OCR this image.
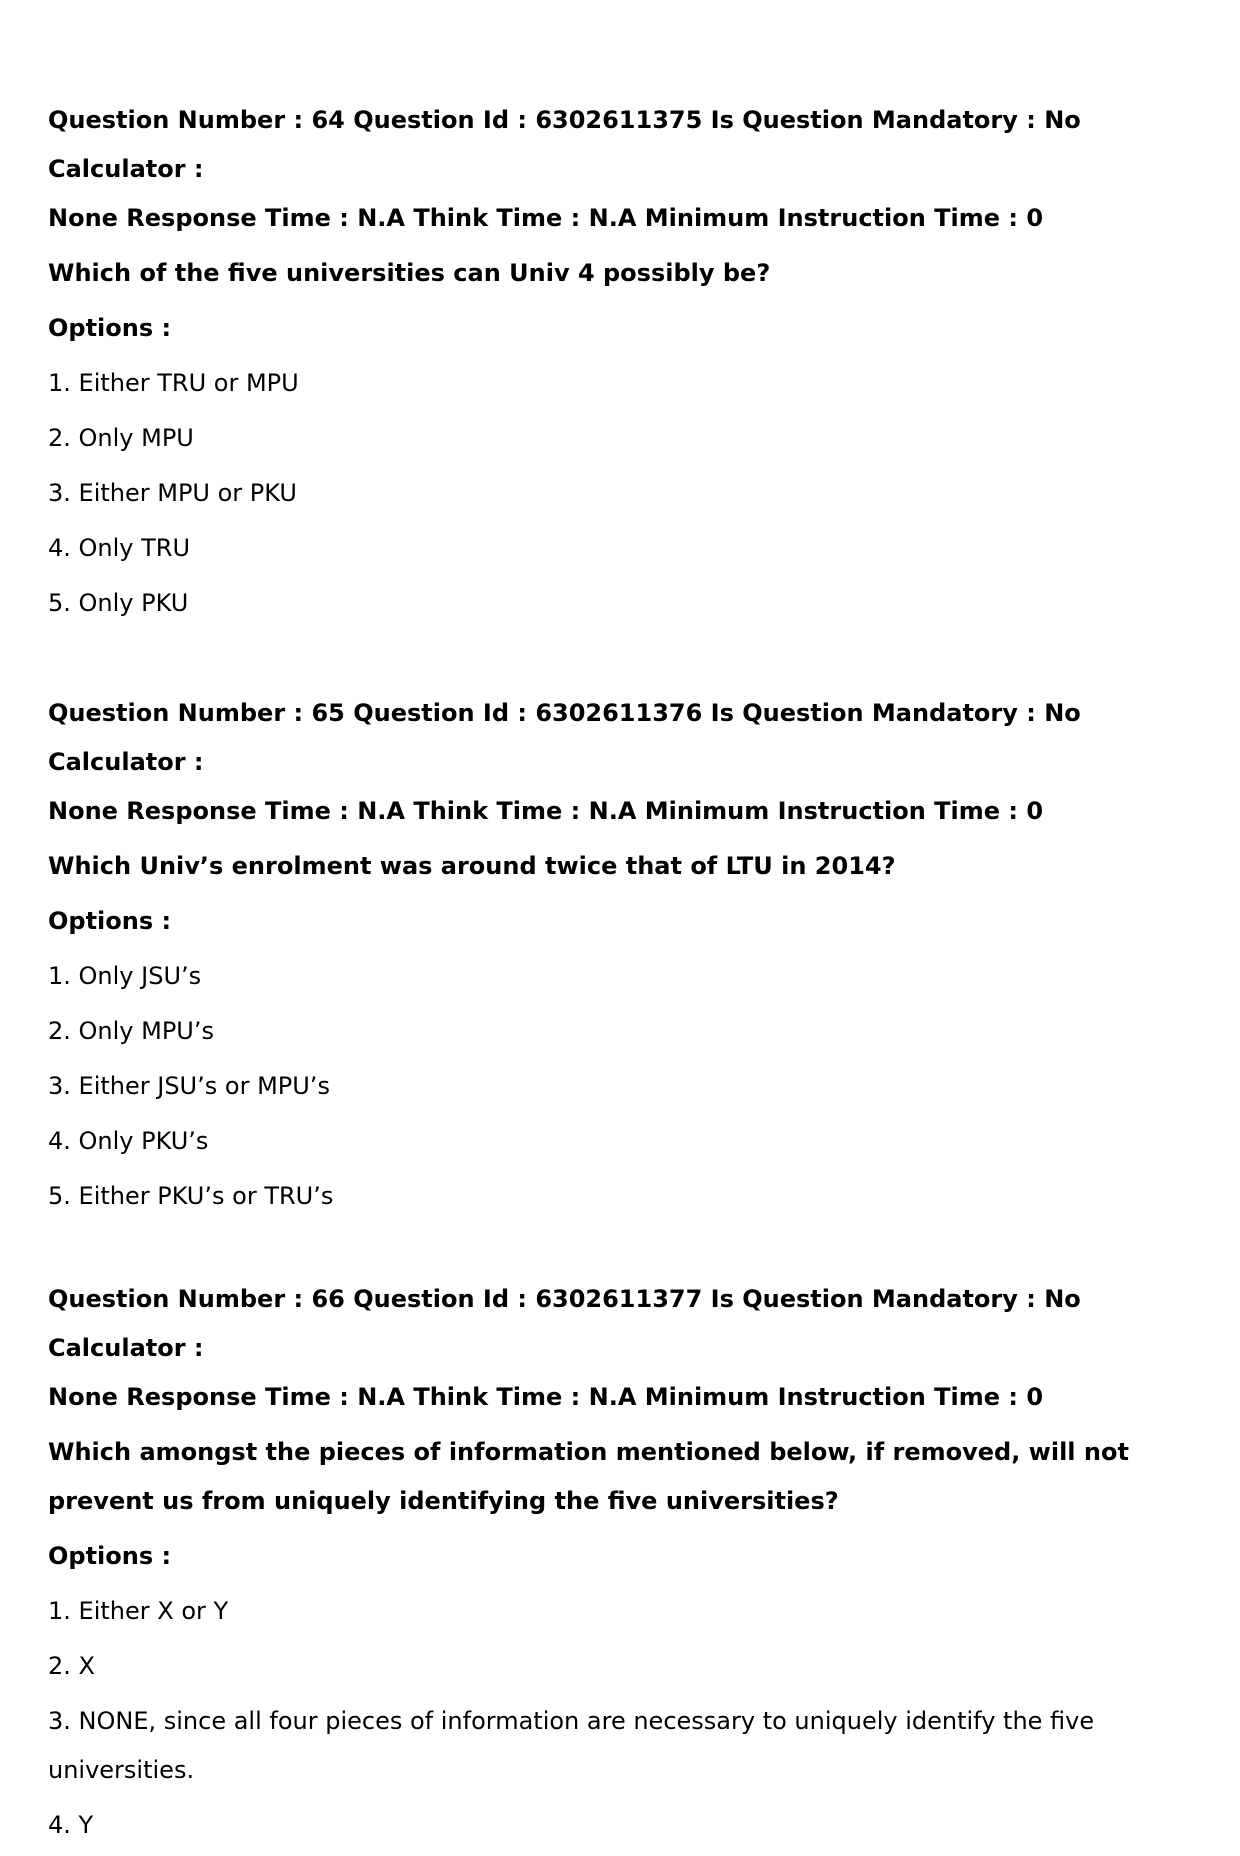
Question Number : 64 Question Id : 6302611375 Is Question Mandatory : No Calculator :

None Response Time : N.A Think Time : N.A Minimum Instruction Time : 0

Which of the five universities can Univ 4 possibly be?

Options :

1. Either TRU or MPU

2. Only MPU

3. Either MPU or PKU

4. Only TRU

5. Only PKU

Question Number : 65 Question Id : 6302611376 Is Question Mandatory : No Calculator :

None Response Time : N.A Think Time : N.A Minimum Instruction Time : 0

Which Univ’s enrolment was around twice that of LTU in 2014?

Options :

1. Only JSU’s

2. Only MPU’s

3. Either JSU’s or MPU’s

4. Only PKU’s

5. Either PKU’s or TRU’s

Question Number : 66 Question Id : 6302611377 Is Question Mandatory : No Calculator :

None Response Time : N.A Think Time : N.A Minimum Instruction Time : 0

Which amongst the pieces of information mentioned below, if removed, will not prevent us from uniquely identifying the five universities?

Options :

1. Either X or Y

2. X

3. NONE, since all four pieces of information are necessary to uniquely identify the five universities.

4. Y
